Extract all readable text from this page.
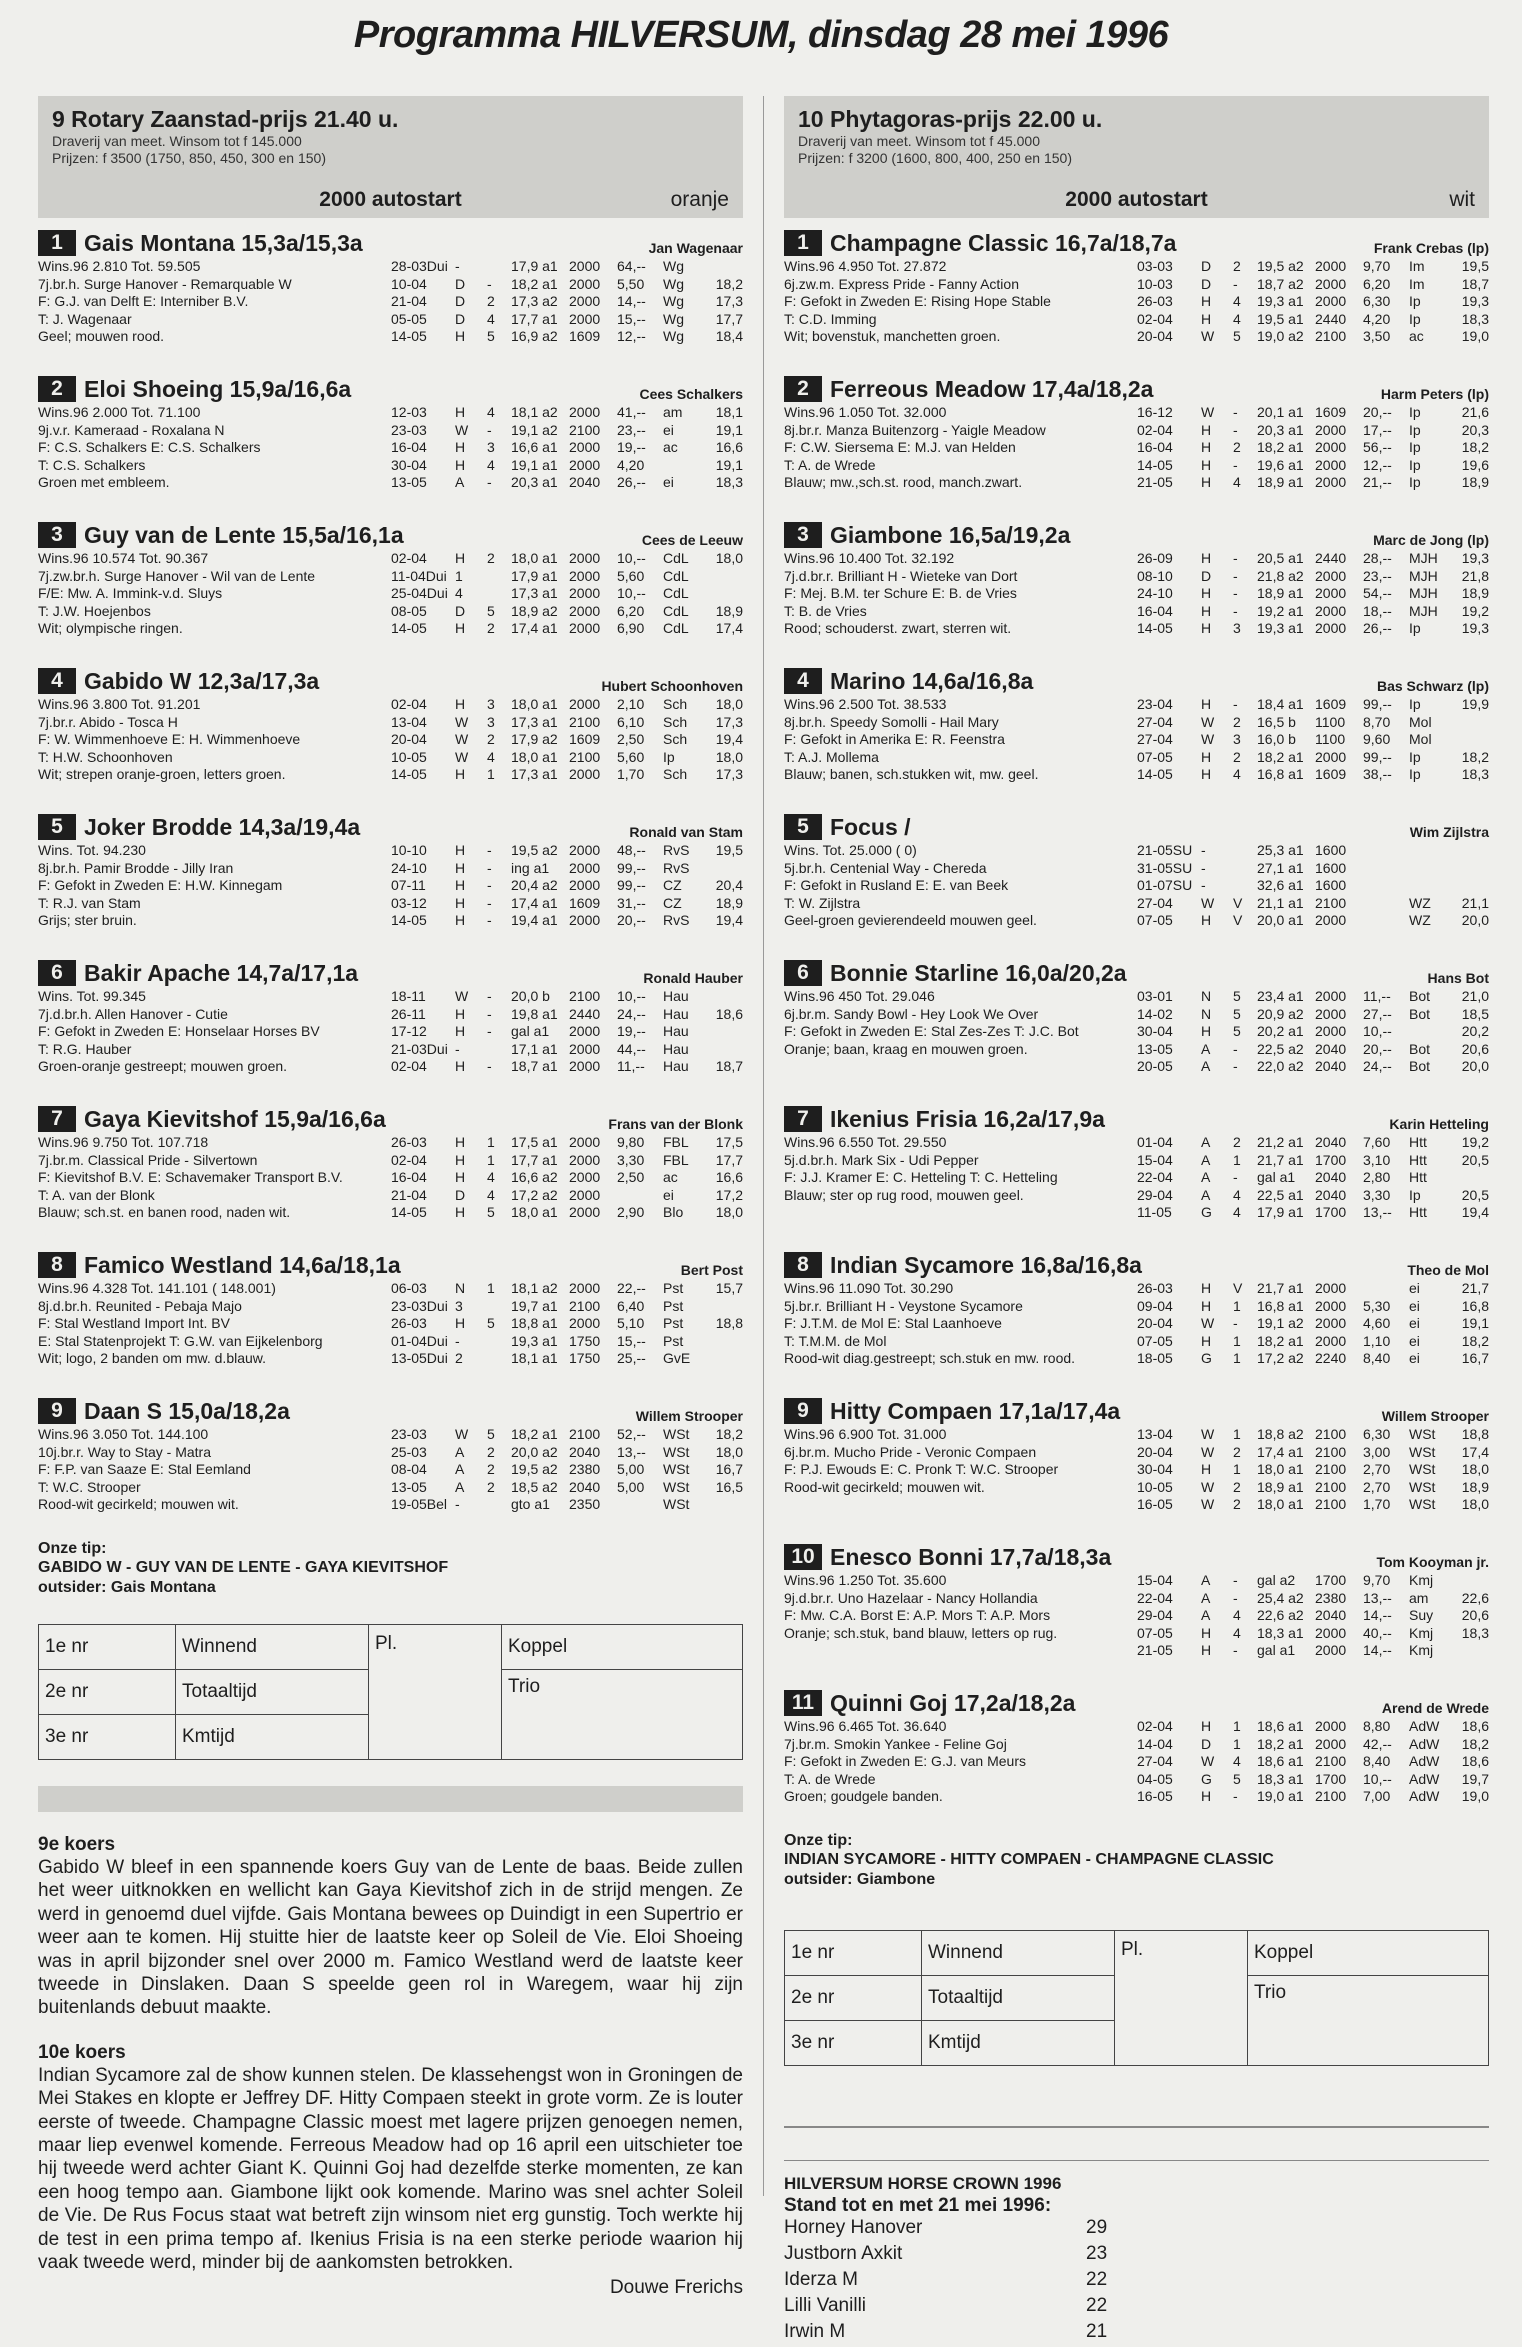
Programma HILVERSUM, dinsdag 28 mei 1996
9 Rotary Zaanstad-prijs 21.40 u.
Draverij van meet. Winsom tot f 145.000
Prijzen: f 3500 (1750, 850, 450, 300 en 150)
2000 autostart	oranje
1 Gais Montana 15,3a/15,3a	Jan Wagenaar
Wins.96 2.810 Tot. 59.505
7j.br.h. Surge Hanover - Remarquable W
F: G.J. van Delft E: Interniber B.V.
T: J. Wagenaar
Geel; mouwen rood.
28-03Dui -	17,9 a1 2000 64,-- Wg
10-04 D - 18,2 a1 2000 5,50 Wg 18,2
21-04 D 2 17,3 a2 2000 14,-- Wg 17,3
05-05 D 4 17,7 a1 2000 15,-- Wg 17,7
14-05 H 5 16,9 a2 1609 12,-- Wg 18,4
2 Eloi Shoeing 15,9a/16,6a	Cees Schalkers
Wins.96 2.000 Tot. 71.100
9j.v.r. Kameraad - Roxalana N
F: C.S. Schalkers E: C.S. Schalkers
T: C.S. Schalkers
Groen met embleem.
12-03 H 4 18,1 a2 2000 41,-- am 18,1
23-03 W - 19,1 a2 2100 23,-- ei	19,1
16-04 H 3 16,6 a1 2000 19,-- ac	16,6
30-04 H 4 19,1 a1 2000 4,20	19,1
13-05 A - 20,3 a1 2040 26,-- ei	18,3
3 Guy van de Lente 15,5a/16,1a	Cees de Leeuw
Wins.96 10.574 Tot. 90.367
7j.zw.br.h. Surge Hanover - Wil van de Lente
F/E: Mw. A. Immink-v.d. Sluys
T: J.W. Hoejenbos
Wit; olympische ringen.
02-04 H 2 18,0 a1 2000 10,-- CdL 18,0
11-04Dui 1	17,9 a1 2000 5,60 CdL
25-04Dui 4	17,3 a1 2000 10,-- CdL
08-05 D 5 18,9 a2 2000 6,20 CdL 18,9
14-05 H 2 17,4 a1 2000 6,90 CdL 17,4
4 Gabido W 12,3a/17,3a	Hubert Schoonhoven
Wins.96 3.800 Tot. 91.201
7j.br.r. Abido - Tosca H
F: W. Wimmenhoeve E: H. Wimmenhoeve
T: H.W. Schoonhoven
Wit; strepen oranje-groen, letters groen.
02-04 H 3 18,0 a1 2000 2,10 Sch 18,0
13-04 W 3 17,3 a1 2100 6,10 Sch 17,3
20-04 W 2 17,9 a2 1609 2,50 Sch 19,4
10-05 W 4 18,0 a1 2100 5,60 Ip	18,0
14-05 H 1 17,3 a1 2000 1,70 Sch 17,3
5 Joker Brodde 14,3a/19,4a	Ronald van Stam
Wins. Tot. 94.230
8j.br.h. Pamir Brodde - Jilly Iran
F: Gefokt in Zweden E: H.W. Kinnegam
T: R.J. van Stam
Grijs; ster bruin.
10-10 H - 19,5 a2 2000 48,-- RvS 19,5
24-10 H - ing a1 2000 99,-- RvS
07-11 H - 20,4 a2 2000 99,-- CZ 20,4
03-12 H - 17,4 a1 1609 31,-- CZ 18,9
14-05 H - 19,4 a1 2000 20,-- RvS 19,4
6 Bakir Apache 14,7a/17,1a	Ronald Hauber
Wins. Tot. 99.345
7j.d.br.h. Allen Hanover - Cutie
F: Gefokt in Zweden E: Honselaar Horses BV
T: R.G. Hauber
Groen-oranje gestreept; mouwen groen.
18-11 W - 20,0 b 2100 10,-- Hau
26-11 H - 19,8 a1 2440 24,-- Hau 18,6
17-12 H - gal a1 2000 19,-- Hau
21-03Dui -	17,1 a1 2000 44,-- Hau
02-04 H - 18,7 a1 2000 11,-- Hau 18,7
7 Gaya Kievitshof 15,9a/16,6a	Frans van der Blonk
Wins.96 9.750 Tot. 107.718
7j.br.m. Classical Pride - Silvertown
F: Kievitshof B.V. E: Schavemaker Transport B.V.
T: A. van der Blonk
Blauw; sch.st. en banen rood, naden wit.
26-03 H 1 17,5 a1 2000 9,80 FBL 17,5
02-04 H 1 17,7 a1 2000 3,30 FBL 17,7
16-04 H 4 16,6 a2 2000 2,50 ac	16,6
21-04 D 4 17,2 a2 2000	ei	17,2
14-05 H 5 18,0 a1 2000 2,90 Blo 18,0
8 Famico Westland 14,6a/18,1a	Bert Post
Wins.96 4.328 Tot. 141.101 ( 148.001)
8j.d.br.h. Reunited - Pebaja Majo
F: Stal Westland Import Int. BV
E: Stal Statenprojekt T: G.W. van Eijkelenborg
Wit; logo, 2 banden om mw. d.blauw.
06-03 N 1 18,1 a2 2000 22,-- Pst 15,7
23-03Dui 3	19,7 a1 2100 6,40 Pst
26-03 H 5 18,8 a1 2000 5,10 Pst 18,8
01-04Dui -	19,3 a1 1750 15,-- Pst
13-05Dui 2	18,1 a1 1750 25,-- GvE
9 Daan S 15,0a/18,2a	Willem Strooper
Wins.96 3.050 Tot. 144.100
10j.br.r. Way to Stay - Matra
F: F.P. van Saaze E: Stal Eemland
T: W.C. Strooper
Rood-wit gecirkeld; mouwen wit.
23-03 W 5 18,2 a1 2100 52,-- WSt 18,2
25-03 A 2 20,0 a2 2040 13,-- WSt 18,0
08-04 A 2 19,5 a2 2380 5,00 WSt 16,7
13-05 A 2 18,5 a2 2040 5,00 WSt 16,5
19-05Bel -	gto a1 2350	WSt
Onze tip:
GABIDO W - GUY VAN DE LENTE - GAYA KIEVITSHOF
outsider: Gais Montana
1e nr	Winnend	Pl.	Koppel
2e nr	Totaaltijd		Trio
3e nr	Kmtijd		
9e koers
Gabido W bleef in een spannende koers Guy van de Lente de baas. Beide zullen het weer uitknokken en wellicht kan Gaya Kievitshof zich in de strijd mengen. Ze werd in genoemd duel vijfde. Gais Montana bewees op Duindigt in een Supertrio er weer aan te komen. Hij stuitte hier de laatste keer op Soleil de Vie. Eloi Shoeing was in april bijzonder snel over 2000 m. Famico Westland werd de laatste keer tweede in Dinslaken. Daan S speelde geen rol in Waregem, waar hij zijn buitenlands debuut maakte.
10e koers
Indian Sycamore zal de show kunnen stelen. De klassehengst won in Groningen de Mei Stakes en klopte er Jeffrey DF. Hitty Compaen steekt in grote vorm. Ze is louter eerste of tweede. Champagne Classic moest met lagere prijzen genoegen nemen, maar liep evenwel komende. Ferreous Meadow had op 16 april een uitschieter toe hij tweede werd achter Giant K. Quinni Goj had dezelfde sterke momenten, ze kan een hoog tempo aan. Giambone lijkt ook komende. Marino was snel achter Soleil de Vie. De Rus Focus staat wat betreft zijn winsom niet erg gunstig. Toch werkte hij de test in een prima tempo af. Ikenius Frisia is na een sterke periode waarion hij vaak tweede werd, minder bij de aankomsten betrokken.
Douwe Frerichs
10 Phytagoras-prijs 22.00 u.
Draverij van meet. Winsom tot f 45.000
Prijzen: f 3200 (1600, 800, 400, 250 en 150)
2000 autostart	wit
1 Champagne Classic 16,7a/18,7a	Frank Crebas (lp)
Wins.96 4.950 Tot. 27.872
6j.zw.m. Express Pride - Fanny Action
F: Gefokt in Zweden E: Rising Hope Stable
T: C.D. Imming
Wit; bovenstuk, manchetten groen.
03-03 D 2 19,5 a2 2000 9,70 Im	19,5
10-03 D - 18,7 a2 2000 6,20 Im	18,7
26-03 H 4 19,3 a1 2000 6,30 Ip	19,3
02-04 H 4 19,5 a1 2440 4,20 Ip	18,3
20-04 W 5 19,0 a2 2100 3,50 ac	19,0
2 Ferreous Meadow 17,4a/18,2a	Harm Peters (lp)
Wins.96 1.050 Tot. 32.000
8j.br.r. Manza Buitenzorg - Yaigle Meadow
F: C.W. Siersema E: M.J. van Helden
T: A. de Wrede
Blauw; mw.,sch.st. rood, manch.zwart.
16-12 W - 20,1 a1 1609 20,-- Ip	21,6
02-04 H - 20,3 a1 2000 17,-- Ip	20,3
16-04 H 2 18,2 a1 2000 56,-- Ip	18,2
14-05 H - 19,6 a1 2000 12,-- Ip	19,6
21-05 H 4 18,9 a1 2000 21,-- Ip	18,9
3 Giambone 16,5a/19,2a	Marc de Jong (lp)
Wins.96 10.400 Tot. 32.192
7j.d.br.r. Brilliant H - Wieteke van Dort
F: Mej. B.M. ter Schure E: B. de Vries
T: B. de Vries
Rood; schouderst. zwart, sterren wit.
26-09 H - 20,5 a1 2440 28,-- MJH 19,3
08-10 D - 21,8 a2 2000 23,-- MJH 21,8
24-10 H - 18,9 a1 2000 54,-- MJH 18,9
16-04 H - 19,2 a1 2000 18,-- MJH 19,2
14-05 H 3 19,3 a1 2000 26,-- Ip	19,3
4 Marino 14,6a/16,8a	Bas Schwarz (lp)
Wins.96 2.500 Tot. 38.533
8j.br.h. Speedy Somolli - Hail Mary
F: Gefokt in Amerika E: R. Feenstra
T: A.J. Mollema
Blauw; banen, sch.stukken wit, mw. geel.
23-04 H - 18,4 a1 1609 99,-- Ip	19,9
27-04 W 2 16,5 b 1100 8,70 Mol
27-04 W 3 16,0 b 1100 9,60 Mol
07-05 H 2 18,2 a1 2000 99,-- Ip	18,2
14-05 H 4 16,8 a1 1609 38,-- Ip	18,3
5 Focus /	Wim Zijlstra
Wins. Tot. 25.000 ( 0)
5j.br.h. Centenial Way - Chereda
F: Gefokt in Rusland E: E. van Beek
T: W. Zijlstra
Geel-groen gevierendeeld mouwen geel.
21-05SU -	25,3 a1 1600
31-05SU -	27,1 a1 1600
01-07SU -	32,6 a1 1600
27-04 W V 21,1 a1 2100	WZ 21,1
07-05 H V 20,0 a1 2000	WZ 20,0
6 Bonnie Starline 16,0a/20,2a	Hans Bot
Wins.96 450 Tot. 29.046
6j.br.m. Sandy Bowl - Hey Look We Over
F: Gefokt in Zweden E: Stal Zes-Zes T: J.C. Bot
Oranje; baan, kraag en mouwen groen.
03-01 N 5 23,4 a1 2000 11,-- Bot 21,0
14-02 N 5 20,9 a2 2000 27,-- Bot 18,5
30-04 H 5 20,2 a1 2000 10,--	20,2
13-05 A - 22,5 a2 2040 20,-- Bot 20,6
20-05 A - 22,0 a2 2040 24,-- Bot 20,0
7 Ikenius Frisia 16,2a/17,9a	Karin Hetteling
Wins.96 6.550 Tot. 29.550
5j.d.br.h. Mark Six - Udi Pepper
F: J.J. Kramer E: C. Hetteling T: C. Hetteling
Blauw; ster op rug rood, mouwen geel.
01-04 A 2 21,2 a1 2040 7,60 Htt 19,2
15-04 A 1 21,7 a1 1700 3,10 Htt 20,5
22-04 A - gal a1 2040 2,80 Htt
29-04 A 4 22,5 a1 2040 3,30 Ip	20,5
11-05 G 4 17,9 a1 1700 13,-- Htt 19,4
8 Indian Sycamore 16,8a/16,8a	Theo de Mol
Wins.96 11.090 Tot. 30.290
5j.br.r. Brilliant H - Veystone Sycamore
F: J.T.M. de Mol E: Stal Laanhoeve
T: T.M.M. de Mol
Rood-wit diag.gestreept; sch.stuk en mw. rood.
26-03 H V 21,7 a1 2000	ei	21,7
09-04 H 1 16,8 a1 2000 5,30 ei	16,8
20-04 W - 19,1 a2 2000 4,60 ei	19,1
07-05 H 1 18,2 a1 2000 1,10 ei	18,2
18-05 G 1 17,2 a2 2240 8,40 ei	16,7
9 Hitty Compaen 17,1a/17,4a	Willem Strooper
Wins.96 6.900 Tot. 31.000
6j.br.m. Mucho Pride - Veronic Compaen
F: P.J. Ewouds E: C. Pronk T: W.C. Strooper
Rood-wit gecirkeld; mouwen wit.
13-04 W 1 18,8 a2 2100 6,30 WSt 18,8
20-04 W 2 17,4 a1 2100 3,00 WSt 17,4
30-04 H 1 18,0 a1 2100 2,70 WSt 18,0
10-05 W 2 18,9 a1 2100 2,70 WSt 18,9
16-05 W 2 18,0 a1 2100 1,70 WSt 18,0
10 Enesco Bonni 17,7a/18,3a	Tom Kooyman jr.
Wins.96 1.250 Tot. 35.600
9j.d.br.r. Uno Hazelaar - Nancy Hollandia
F: Mw. C.A. Borst E: A.P. Mors T: A.P. Mors
Oranje; sch.stuk, band blauw, letters op rug.
15-04 A - gal a2 1700 9,70 Kmj
22-04 A - 25,4 a2 2380 13,-- am 22,6
29-04 A 4 22,6 a2 2040 14,-- Suy 20,6
07-05 H 4 18,3 a1 2000 40,-- Kmj 18,3
21-05 H - gal a1 2000 14,-- Kmj
11 Quinni Goj 17,2a/18,2a	Arend de Wrede
Wins.96 6.465 Tot. 36.640
7j.br.m. Smokin Yankee - Feline Goj
F: Gefokt in Zweden E: G.J. van Meurs
T: A. de Wrede
Groen; goudgele banden.
02-04 H 1 18,6 a1 2000 8,80 AdW 18,6
14-04 D 1 18,2 a1 2000 42,-- AdW 18,2
27-04 W 4 18,6 a1 2100 8,40 AdW 18,6
04-05 G 5 18,3 a1 1700 10,-- AdW 19,7
16-05 H - 19,0 a1 2100 7,00 AdW 19,0
Onze tip:
INDIAN SYCAMORE - HITTY COMPAEN - CHAMPAGNE CLASSIC
outsider: Giambone
1e nr	Winnend	Pl.	Koppel
2e nr	Totaaltijd		Trio
3e nr	Kmtijd		
HILVERSUM HORSE CROWN 1996
Stand tot en met 21 mei 1996:
Horney Hanover	29
Justborn Axkit	23
Iderza M	22
Lilli Vanilli	22
Irwin M	21
